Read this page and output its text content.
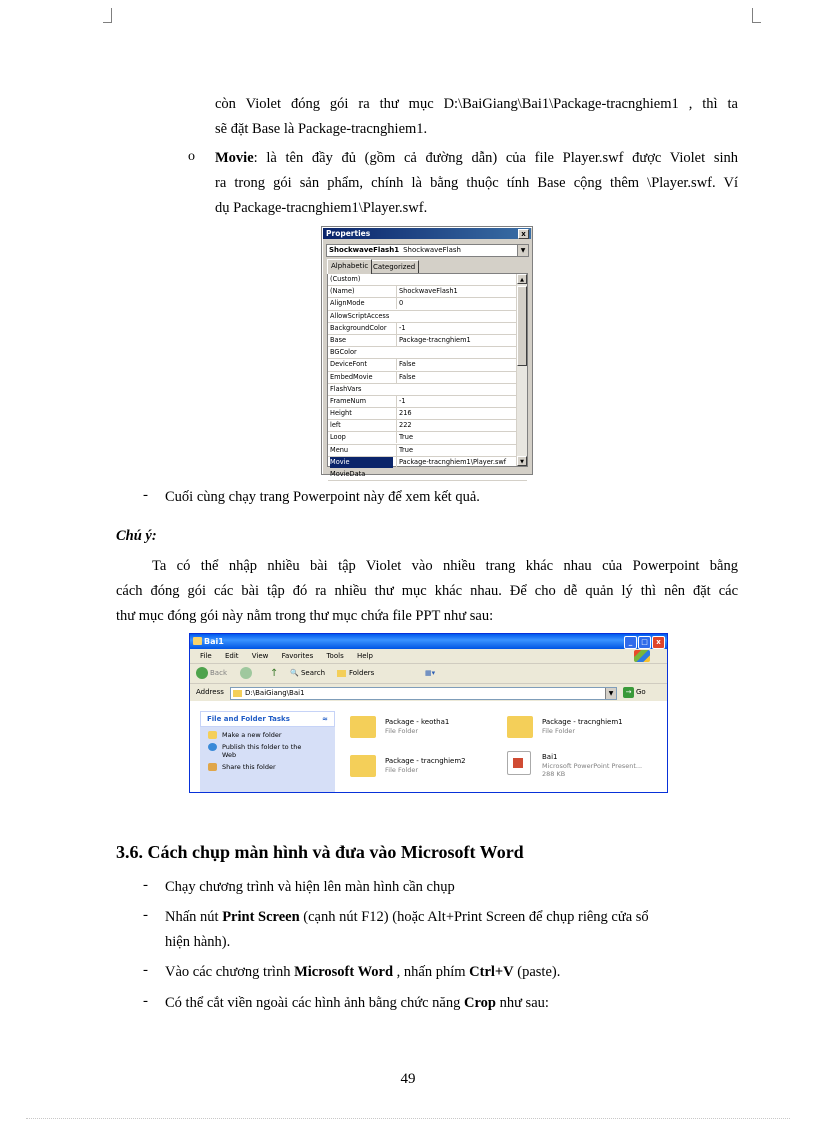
còn Violet đóng gói ra thư mục D:\BaiGiang\Bai1\Package-tracnghiem1 , thì ta
sẽ đặt Base là Package-tracnghiem1.
o Movie: là tên đầy đủ (gồm cả đường dẫn) của file Player.swf được Violet sinh
ra trong gói sản phẩm, chính là bằng thuộc tính Base cộng thêm \Player.swf. Ví
dụ Package-tracnghiem1\Player.swf.
Properties	x
ShockwaveFlash1 ShockwaveFlash	▼
Alphabetic Categorized
(Custom)
(Name)	ShockwaveFlash1
AlignMode	0
AllowScriptAccess
BackgroundColor	-1
Base	Package-tracnghiem1
BGColor
DeviceFont	False
EmbedMovie	False
FlashVars
FrameNum	-1
Height	216
left	222
Loop	True
Menu	True
Movie	Package-tracnghiem1\Player.swf
MovieData
▲
▼
- Cuối cùng chạy trang Powerpoint này để xem kết quả.
Chú ý:
Ta có thể nhập nhiều bài tập Violet vào nhiều trang khác nhau của Powerpoint bằng
cách đóng gói các bài tập đó ra nhiều thư mục khác nhau. Để cho dễ quản lý thì nên đặt các
thư mục đóng gói này nằm trong thư mục chứa file PPT như sau:
Bai1	_	□	x
File Edit View Favorites Tools Help
Back	↑ 🔍 Search	Folders	▦▾
Address	D:\BaiGiang\Bai1	▼	→ Go
File and Folder Tasks	≈
Make a new folder
Publish this folder to the Web
Share this folder
Package - keotha1
File Folder
Package - tracnghiem1
File Folder
Package - tracnghiem2
File Folder
Bai1
Microsoft PowerPoint Present...
288 KB
3.6. Cách chụp màn hình và đưa vào Microsoft Word
- Chạy chương trình và hiện lên màn hình cần chụp
- Nhấn nút Print Screen (cạnh nút F12) (hoặc Alt+Print Screen để chụp riêng cửa sổ
hiện hành).
- Vào các chương trình Microsoft Word , nhấn phím Ctrl+V (paste).
- Có thể cắt viền ngoài các hình ảnh bằng chức năng Crop như sau:
49
